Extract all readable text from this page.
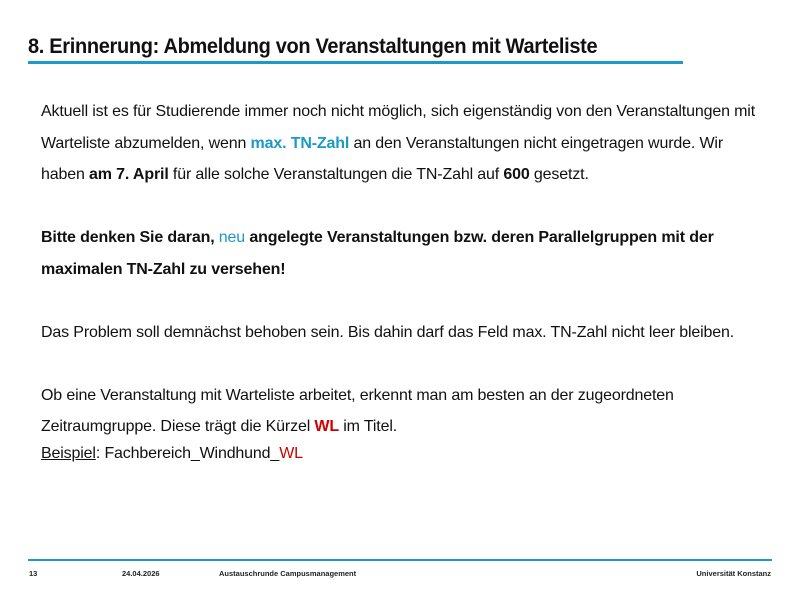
8. Erinnerung: Abmeldung von Veranstaltungen mit Warteliste

Aktuell ist es für Studierende immer noch nicht möglich, sich eigenständig von den Veranstaltungen mit Warteliste abzumelden, wenn max. TN-Zahl an den Veranstaltungen nicht eingetragen wurde. Wir haben am 7. April für alle solche Veranstaltungen die TN-Zahl auf 600 gesetzt.

Bitte denken Sie daran, neu angelegte Veranstaltungen bzw. deren Parallelgruppen mit der maximalen TN-Zahl zu versehen!

Das Problem soll demnächst behoben sein. Bis dahin darf das Feld max. TN-Zahl nicht leer bleiben.

Ob eine Veranstaltung mit Warteliste arbeitet, erkennt man am besten an der zugeordneten Zeitraumgruppe. Diese trägt die Kürzel WL im Titel.

Beispiel: Fachbereich_Windhund_WL

13	24.04.2026	Austauschrunde Campusmanagement	Universität Konstanz
